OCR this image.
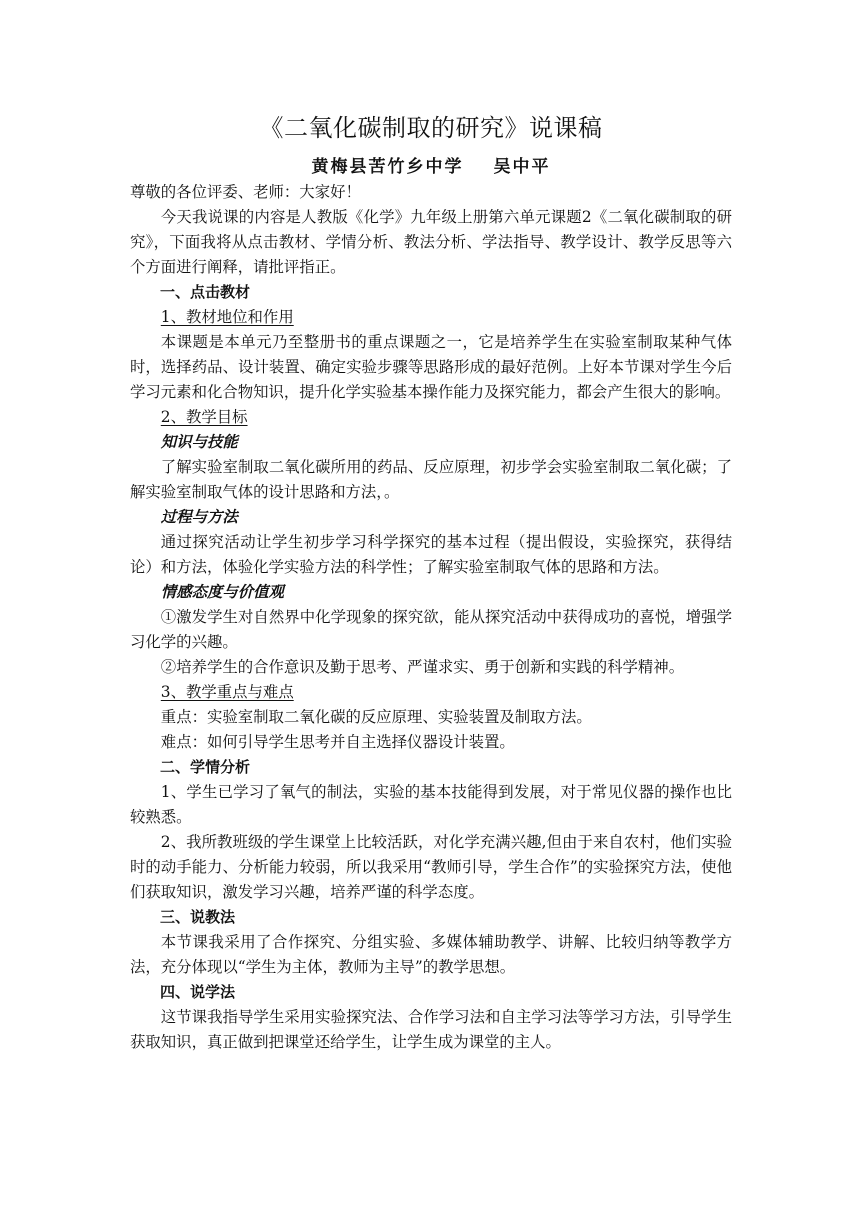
《二氧化碳制取的研究》说课稿
黄梅县苦竹乡中学 吴中平

尊敬的各位评委、老师：大家好！

今天我说课的内容是人教版《化学》九年级上册第六单元课题2《二氧化碳制取的研究》，下面我将从点击教材、学情分析、教法分析、学法指导、教学设计、教学反思等六个方面进行阐释，请批评指正。

一、点击教材

1、教材地位和作用

本课题是本单元乃至整册书的重点课题之一，它是培养学生在实验室制取某种气体时，选择药品、设计装置、确定实验步骤等思路形成的最好范例。上好本节课对学生今后学习元素和化合物知识，提升化学实验基本操作能力及探究能力，都会产生很大的影响。

2、教学目标

知识与技能

了解实验室制取二氧化碳所用的药品、反应原理，初步学会实验室制取二氧化碳；了解实验室制取气体的设计思路和方法，。

过程与方法

通过探究活动让学生初步学习科学探究的基本过程（提出假设，实验探究，获得结论）和方法，体验化学实验方法的科学性；了解实验室制取气体的思路和方法。

情感态度与价值观

①激发学生对自然界中化学现象的探究欲，能从探究活动中获得成功的喜悦，增强学习化学的兴趣。

②培养学生的合作意识及勤于思考、严谨求实、勇于创新和实践的科学精神。

3、教学重点与难点

重点：实验室制取二氧化碳的反应原理、实验装置及制取方法。

难点：如何引导学生思考并自主选择仪器设计装置。

二、学情分析

1、学生已学习了氧气的制法，实验的基本技能得到发展，对于常见仪器的操作也比较熟悉。

2、我所教班级的学生课堂上比较活跃，对化学充满兴趣,但由于来自农村，他们实验时的动手能力、分析能力较弱，所以我采用“教师引导，学生合作”的实验探究方法，使他们获取知识，激发学习兴趣，培养严谨的科学态度。

三、说教法

本节课我采用了合作探究、分组实验、多媒体辅助教学、讲解、比较归纳等教学方法，充分体现以“学生为主体，教师为主导”的教学思想。

四、说学法

这节课我指导学生采用实验探究法、合作学习法和自主学习法等学习方法，引导学生获取知识，真正做到把课堂还给学生，让学生成为课堂的主人。
